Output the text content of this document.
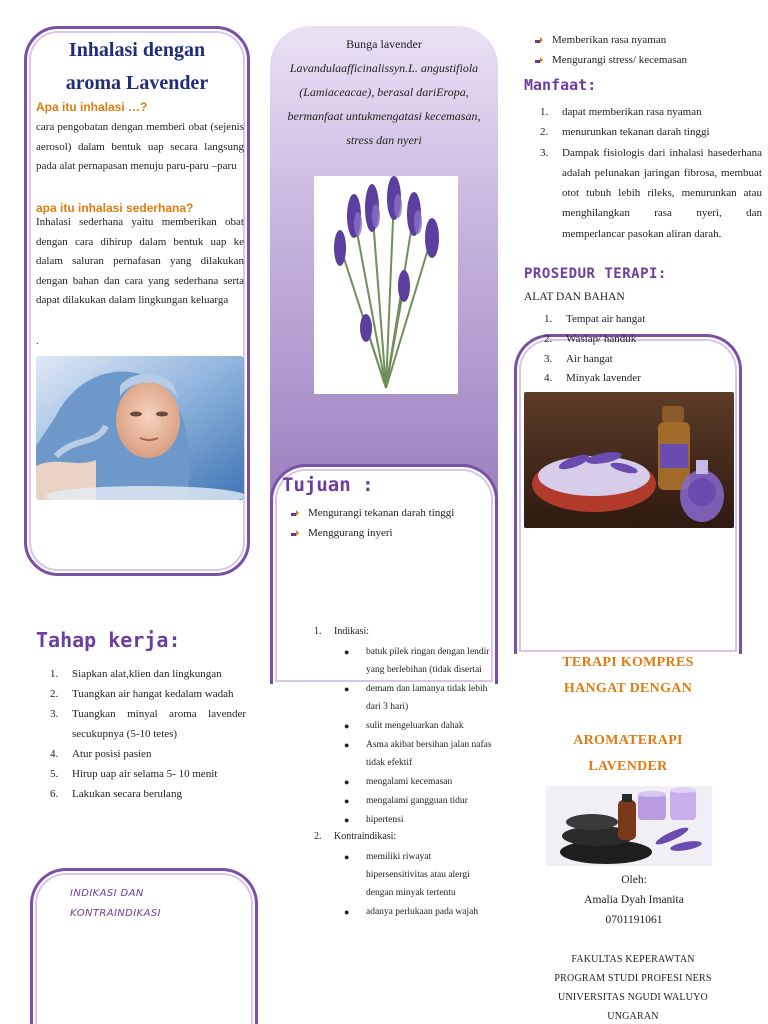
Inhalasi dengan
aroma Lavender
Apa itu inhalasi …?
cara pengobatan dengan memberi obat (sejenis aerosol) dalam bentuk uap secara langsung pada alat pernapasan menuju paru-paru –paru
apa itu inhalasi sederhana?
Inhalasi sederhana yaitu memberikan obat dengan cara dihirup dalam bentuk uap ke dalam saluran pernafasan yang dilakukan dengan bahan dan cara yang sederhana serta dapat dilakukan dalam lingkungan keluarga
.
Bunga lavender
Lavandulaafficinalissyn.L. angustifiola (Lamiaceacae), berasal dariEropa, bermanfaat untukmengatasi kecemasan, stress dan nyeri
Tujuan :
Mengurangi tekanan darah tinggi
Menggurang inyeri
Memberikan rasa nyaman
Mengurangi stress/ kecemasan
Manfaat:
1.	dapat memberikan rasa nyaman
2.	menurunkan tekanan darah tinggi
3.	Dampak fisiologis dari inhalasi hasederhana adalah pelunakan jaringan fibrosa, membuat otot tubuh lebih rileks, menurunkan atau menghilangkan rasa nyeri, dan memperlancar pasokan aliran darah.
PROSEDUR TERAPI:
ALAT DAN BAHAN
1.	Tempat air hangat
2.	Waslap/ handuk
3.	Air hangat
4.	Minyak lavender
Tahap kerja:
1.	Siapkan alat,klien dan lingkungan
2.	Tuangkan air hangat kedalam wadah
3.	Tuangkan minyal aroma lavender secukupnya (5-10 tetes)
4.	Atur posisi pasien
5.	Hirup uap air selama 5- 10 menit
6.	Lakukan secara berulang
INDIKASI DAN
KONTRAINDIKASI
1.	Indikasi:
●	batuk pilek ringan dengan lendir yang berlebihan (tidak disertai
●	demam dan lamanya tidak lebih dari 3 hari)
●	sulit mengeluarkan dahak
●	Asma akibat bersihan jalan nafas tidak efektif
●	mengalami kecemasan
●	mengalami gangguan tidur
●	hipertensi
2.	Kontraindikasi:
●	memiliki riwayat hipersensitivitas atau alergi dengan minyak tertentu
●	adanya perlukaan pada wajah
TERAPI KOMPRES
HANGAT DENGAN
AROMATERAPI
LAVENDER
Oleh:
Amalia Dyah Imanita
0701191061
FAKULTAS KEPERAWTAN
PROGRAM STUDI PROFESI NERS
UNIVERSITAS NGUDI WALUYO
UNGARAN
